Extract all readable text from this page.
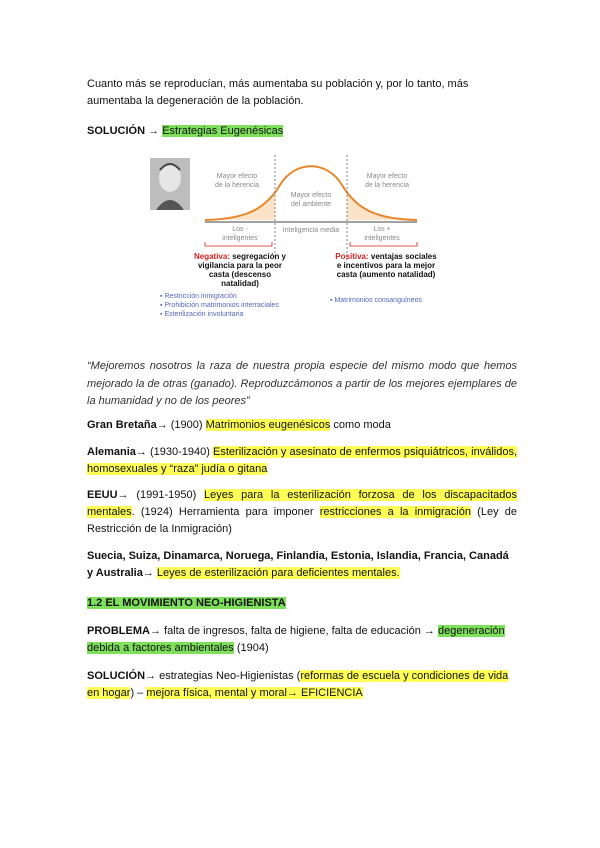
Cuanto más se reproducían, más aumentaba su población y, por lo tanto, más aumentaba la degeneración de la población.
SOLUCIÓN → Estrategias Eugenésicas
Mayor efecto
de la herencia
Mayor efecto
del ambiente
Mayor efecto
de la herencia
Los -
inteligentes
Inteligencia media	Los +
inteligentes
Negativa: segregación y
vigilancia para la peor
casta (descenso
natalidad)
Positiva: ventajas sociales
e incentivos para la mejor
casta (aumento natalidad)
▪ Restricción inmigración
▪ Prohibición matrimonios interraciales
▪ Esterilización involuntaria
▪ Matrimonios consanguíneos
“Mejoremos nosotros la raza de nuestra propia especie del mismo modo que hemos mejorado la de otras (ganado). Reproduzcámonos a partir de los mejores ejemplares de la humanidad y no de los peores”
Gran Bretaña→ (1900) Matrimonios eugenésicos como moda
Alemania→ (1930-1940) Esterilización y asesinato de enfermos psiquiátricos, inválidos, homosexuales y “raza” judía o gitana
EEUU→ (1991-1950) Leyes para la esterilización forzosa de los discapacitados mentales. (1924) Herramienta para imponer restricciones a la inmigración (Ley de Restricción de la Inmigración)
Suecia, Suiza, Dinamarca, Noruega, Finlandia, Estonia, Islandia, Francia, Canadá y Australia→ Leyes de esterilización para deficientes mentales.
1.2 EL MOVIMIENTO NEO-HIGIENISTA
PROBLEMA→ falta de ingresos, falta de higiene, falta de educación → degeneración debida a factores ambientales (1904)
SOLUCIÓN→ estrategias Neo-Higienistas (reformas de escuela y condiciones de vida en hogar) – mejora física, mental y moral→ EFICIENCIA
